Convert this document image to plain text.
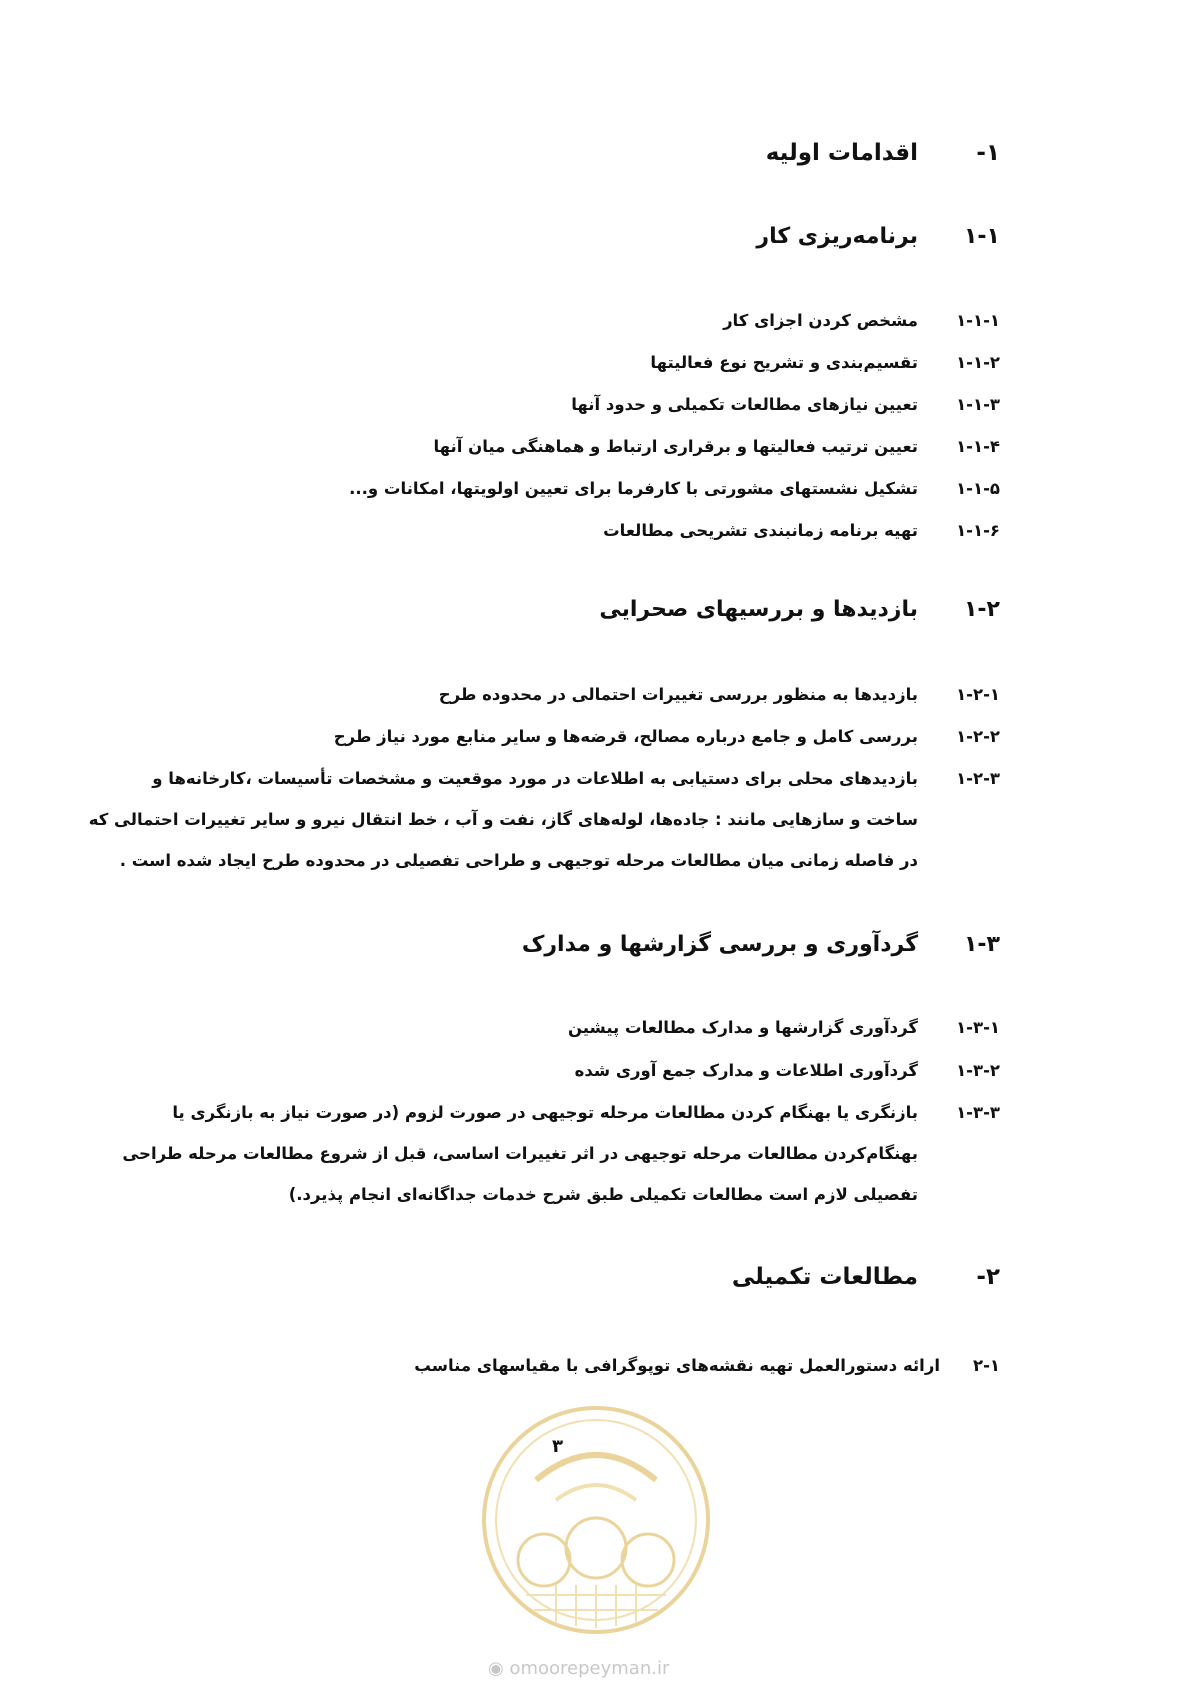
-۱
اقدامات اولیه
۱-۱
برنامه‌ریزی کار
۱-۱-۱
مشخص کردن اجزای کار
۱-۱-۲
تقسیم‌بندی و تشریح نوع فعالیتها
۱-۱-۳
تعیین نیازهای مطالعات تکمیلی و حدود آنها
۱-۱-۴
تعیین ترتیب فعالیتها و برقراری ارتباط و هماهنگی میان آنها
۱-۱-۵
تشکیل نشستهای مشورتی با کارفرما برای تعیین اولویتها، امکانات و...
۱-۱-۶
تهیه برنامه زمانبندی تشریحی مطالعات
۱-۲
بازدیدها و بررسیهای صحرایی
۱-۲-۱
بازدیدها به منظور بررسی تغییرات احتمالی در محدوده طرح
۱-۲-۲
بررسی کامل و جامع درباره مصالح، قرضه‌ها و سایر منابع مورد نیاز طرح
۱-۲-۳
بازدیدهای محلی برای دستیابی به اطلاعات در مورد موقعیت و مشخصات تأسیسات ،کارخانه‌ها و
ساخت و سازهایی مانند : جاده‌ها، لوله‌های گاز، نفت و آب ، خط انتقال نیرو و سایر تغییرات احتمالی که
در فاصله زمانی میان مطالعات مرحله توجیهی و طراحی تفصیلی در محدوده طرح ایجاد شده است .
۱-۳
گردآوری و بررسی گزارشها و مدارک
۱-۳-۱
گردآوری گزارشها و مدارک مطالعات پیشین
۱-۳-۲
گردآوری اطلاعات و مدارک جمع آوری شده
۱-۳-۳
بازنگری یا بهنگام کردن مطالعات مرحله توجیهی در صورت لزوم (در صورت نیاز به بازنگری یا
بهنگام‌کردن مطالعات مرحله توجیهی در اثر تغییرات اساسی، قبل از شروع مطالعات مرحله طراحی
تفصیلی لازم است مطالعات تکمیلی طبق شرح خدمات جداگانه‌ای انجام پذیرد.)
-۲
مطالعات تکمیلی
۲-۱
ارائه دستورالعمل تهیه نقشه‌های توپوگرافی با مقیاسهای مناسب
۳
◉ omoorepeyman.ir
